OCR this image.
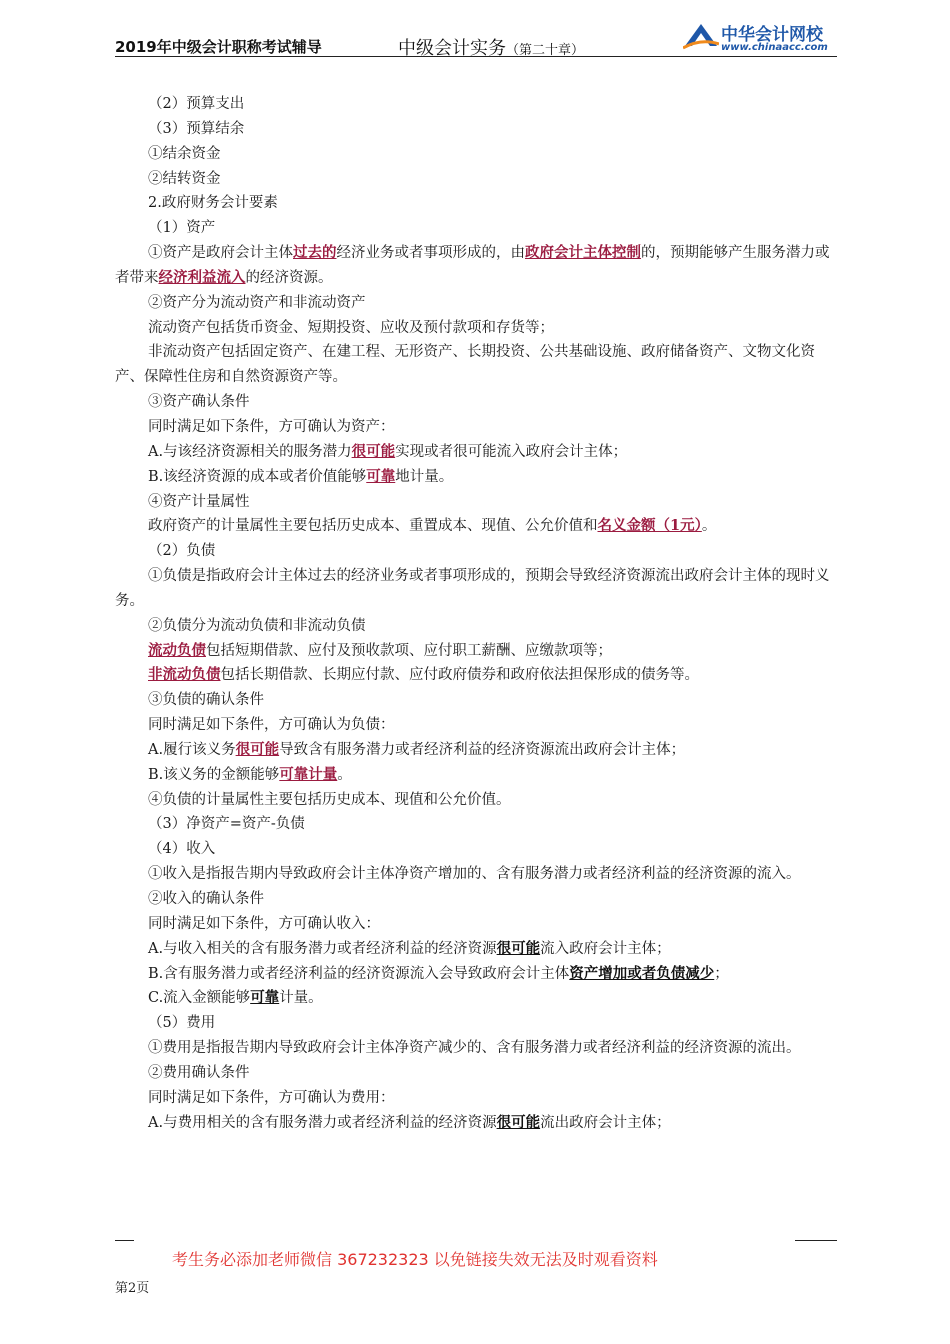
2019年中级会计职称考试辅导	中级会计实务（第二十章）
中华会计网校
www.chinaacc.com

（2）预算支出

（3）预算结余

①结余资金

②结转资金

2.政府财务会计要素

（1）资产

①资产是政府会计主体过去的经济业务或者事项形成的，由政府会计主体控制的，预期能够产生服务潜力或者带来经济利益流入的经济资源。

②资产分为流动资产和非流动资产

流动资产包括货币资金、短期投资、应收及预付款项和存货等；

非流动资产包括固定资产、在建工程、无形资产、长期投资、公共基础设施、政府储备资产、文物文化资产、保障性住房和自然资源资产等。

③资产确认条件

同时满足如下条件，方可确认为资产：

A.与该经济资源相关的服务潜力很可能实现或者很可能流入政府会计主体；

B.该经济资源的成本或者价值能够可靠地计量。

④资产计量属性

政府资产的计量属性主要包括历史成本、重置成本、现值、公允价值和名义金额（1元）。

（2）负债

①负债是指政府会计主体过去的经济业务或者事项形成的，预期会导致经济资源流出政府会计主体的现时义务。

②负债分为流动负债和非流动负债

流动负债包括短期借款、应付及预收款项、应付职工薪酬、应缴款项等；

非流动负债包括长期借款、长期应付款、应付政府债券和政府依法担保形成的债务等。

③负债的确认条件

同时满足如下条件，方可确认为负债：

A.履行该义务很可能导致含有服务潜力或者经济利益的经济资源流出政府会计主体；

B.该义务的金额能够可靠计量。

④负债的计量属性主要包括历史成本、现值和公允价值。

（3）净资产=资产-负债

（4）收入

①收入是指报告期内导致政府会计主体净资产增加的、含有服务潜力或者经济利益的经济资源的流入。

②收入的确认条件

同时满足如下条件，方可确认收入：

A.与收入相关的含有服务潜力或者经济利益的经济资源很可能流入政府会计主体；

B.含有服务潜力或者经济利益的经济资源流入会导致政府会计主体资产增加或者负债减少；

C.流入金额能够可靠计量。

（5）费用

①费用是指报告期内导致政府会计主体净资产减少的、含有服务潜力或者经济利益的经济资源的流出。

②费用确认条件

同时满足如下条件，方可确认为费用：

A.与费用相关的含有服务潜力或者经济利益的经济资源很可能流出政府会计主体；

考生务必添加老师微信 367232323 以免链接失效无法及时观看资料
第2页
